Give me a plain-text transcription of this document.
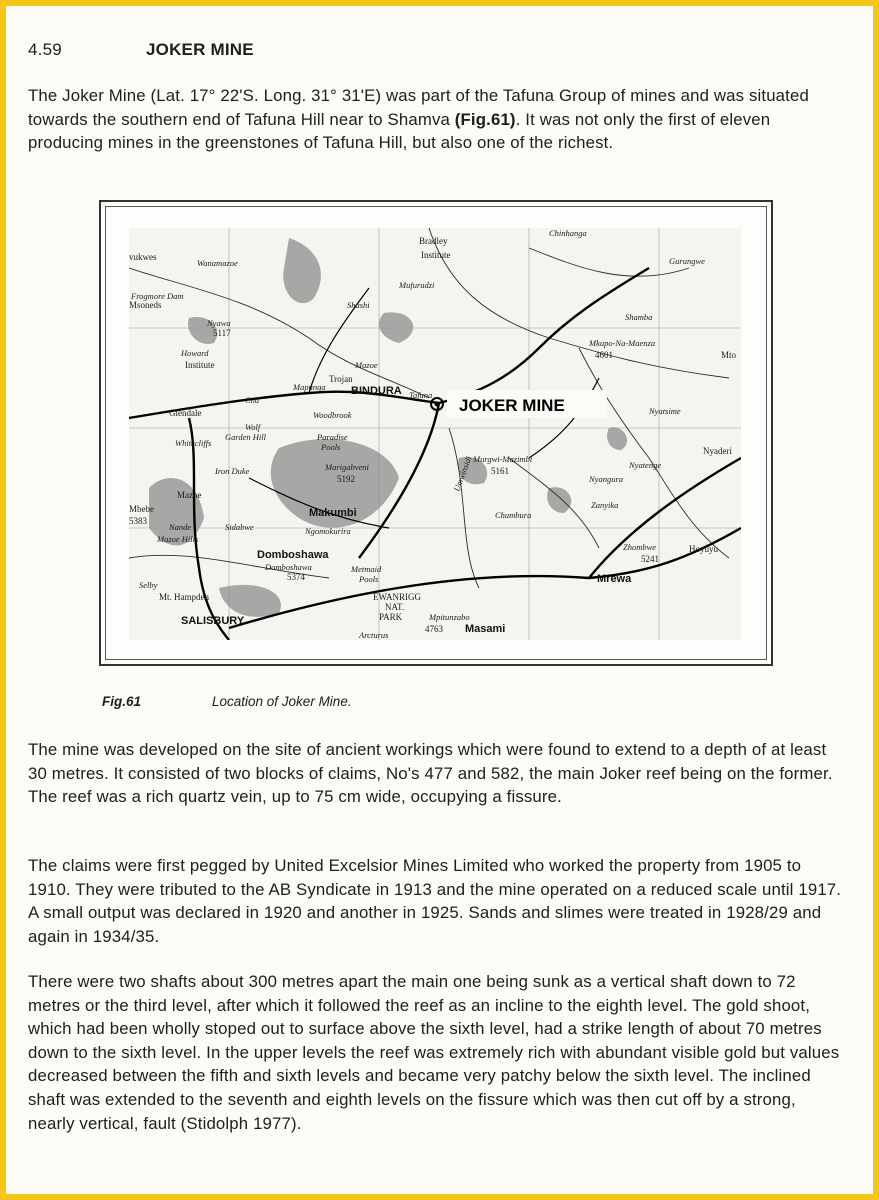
4.59	JOKER MINE

The Joker Mine (Lat. 17° 22'S. Long. 31° 31'E) was part of the Tafuna Group of mines and was situated towards the southern end of Tafuna Hill near to Shamva (Fig.61). It was not only the first of eleven producing mines in the greenstones of Tafuna Hill, but also one of the richest.

JOKER MINE
Bradley
Institute
vukwes
Wanamazoe
Frogmore Dam
Msoneds
Gurungwe
Mufurudzi
Nyawa
5117
Shashi
Howard
Institute
Shamba
Mkupo-Na-Maenza
4601	Mto
Mazoe
Trojan
BINDURA Tafuna
Mapunga
Cnd
Glendale	Woodbrook	Nyatsime
Wolf
Garden Hill	Paradise
Pools
Marigabveni
5192
Whitecliffs
Iron Duke
Murgwi-Mazimbi
5161
Nyangura
Nyatenge
Nyaderi
Mazoe
Makumbi
Ngomokurira
Chambura
Zanyika
Mbebe
5383
Nande	Sidabwe
Mazoe Hills
Domboshawa
Domboshawa
5374
Metmaid
Pools
Zhombwe
5241
Hoyuyu
Selby
Mt. Hampden
Mrewa
EWANRIGG
NAT.
PARK
SALISBURY
Arcturus
Mpitunzabo
4763 Masami
Umwinsidi
Chinhanga
Fig.61	Location of Joker Mine.

The mine was developed on the site of ancient workings which were found to extend to a depth of at least 30 metres. It consisted of two blocks of claims, No's 477 and 582, the main Joker reef being on the former. The reef was a rich quartz vein, up to 75 cm wide, occupying a fissure.

The claims were first pegged by United Excelsior Mines Limited who worked the property from 1905 to 1910. They were tributed to the AB Syndicate in 1913 and the mine operated on a reduced scale until 1917. A small output was declared in 1920 and another in 1925. Sands and slimes were treated in 1928/29 and again in 1934/35.

There were two shafts about 300 metres apart the main one being sunk as a vertical shaft down to 72 metres or the third level, after which it followed the reef as an incline to the eighth level. The gold shoot, which had been wholly stoped out to surface above the sixth level, had a strike length of about 70 metres down to the sixth level. In the upper levels the reef was extremely rich with abundant visible gold but values decreased between the fifth and sixth levels and became very patchy below the sixth level. The inclined shaft was extended to the seventh and eighth levels on the fissure which was then cut off by a strong, nearly vertical, fault (Stidolph 1977).
